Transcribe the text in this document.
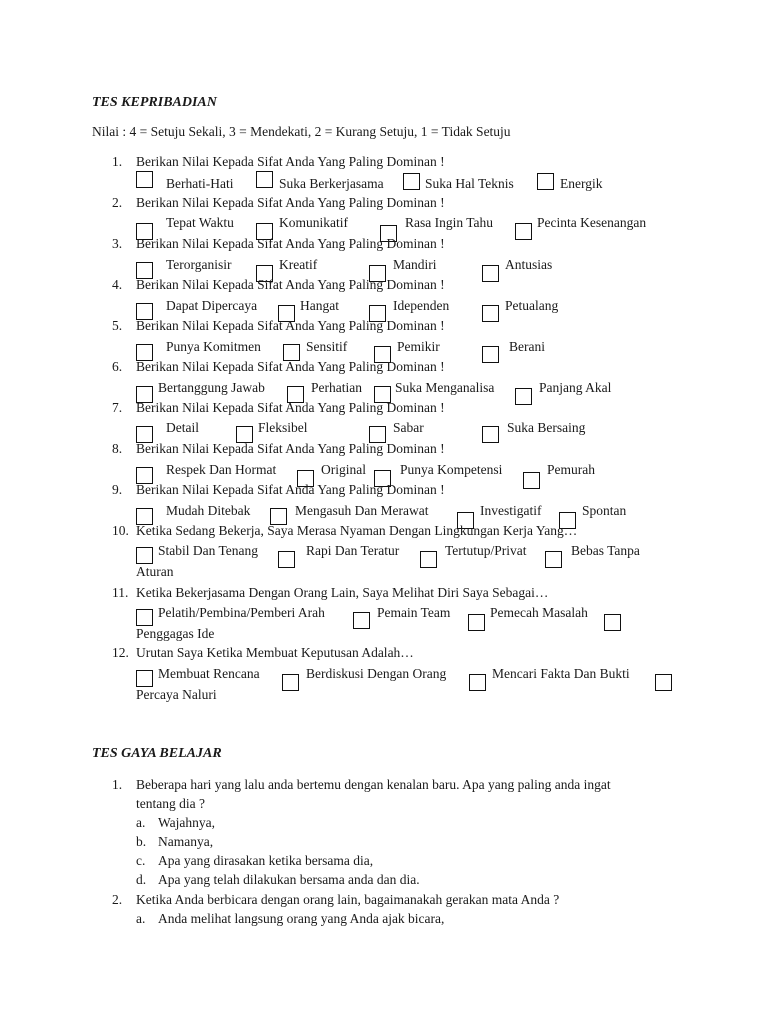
TES KEPRIBADIAN
Nilai : 4 = Setuju Sekali, 3 = Mendekati, 2 = Kurang Setuju, 1 = Tidak Setuju
1. Berikan Nilai Kepada Sifat Anda Yang Paling Dominan !
Berhati-Hati	Suka Berkerjasama	Suka Hal Teknis	Energik
2. Berikan Nilai Kepada Sifat Anda Yang Paling Dominan !
Tepat Waktu	Komunikatif	Rasa Ingin Tahu	Pecinta Kesenangan
3. Berikan Nilai Kepada Sifat Anda Yang Paling Dominan !
Terorganisir	Kreatif	Mandiri	Antusias
4. Berikan Nilai Kepada Sifat Anda Yang Paling Dominan !
Dapat Dipercaya	Hangat	Idependen	Petualang
5. Berikan Nilai Kepada Sifat Anda Yang Paling Dominan !
Punya Komitmen	Sensitif	Pemikir	Berani
6. Berikan Nilai Kepada Sifat Anda Yang Paling Dominan !
Bertanggung Jawab	Perhatian Suka Menganalisa	Panjang Akal
7. Berikan Nilai Kepada Sifat Anda Yang Paling Dominan !
Detail	Fleksibel	Sabar	Suka Bersaing
8. Berikan Nilai Kepada Sifat Anda Yang Paling Dominan !
Respek Dan Hormat	Original	Punya Kompetensi	Pemurah
9. Berikan Nilai Kepada Sifat Anda Yang Paling Dominan !
Mudah Ditebak	Mengasuh Dan Merawat	Investigatif	Spontan
10. Ketika Sedang Bekerja, Saya Merasa Nyaman Dengan Lingkungan Kerja Yang…
Stabil Dan Tenang	Rapi Dan Teratur	Tertutup/Privat	Bebas Tanpa
Aturan
11. Ketika Bekerjasama Dengan Orang Lain, Saya Melihat Diri Saya Sebagai…
Pelatih/Pembina/Pemberi Arah	Pemain Team	Pemecah Masalah
Penggagas Ide
12. Urutan Saya Ketika Membuat Keputusan Adalah…
Membuat Rencana	Berdiskusi Dengan Orang	Mencari Fakta Dan Bukti
Percaya Naluri
TES GAYA BELAJAR
1. Beberapa hari yang lalu anda bertemu dengan kenalan baru. Apa yang paling anda ingat
tentang dia ?
a. Wajahnya,
b. Namanya,
c. Apa yang dirasakan ketika bersama dia,
d. Apa yang telah dilakukan bersama anda dan dia.
2. Ketika Anda berbicara dengan orang lain, bagaimanakah gerakan mata Anda ?
a. Anda melihat langsung orang yang Anda ajak bicara,
